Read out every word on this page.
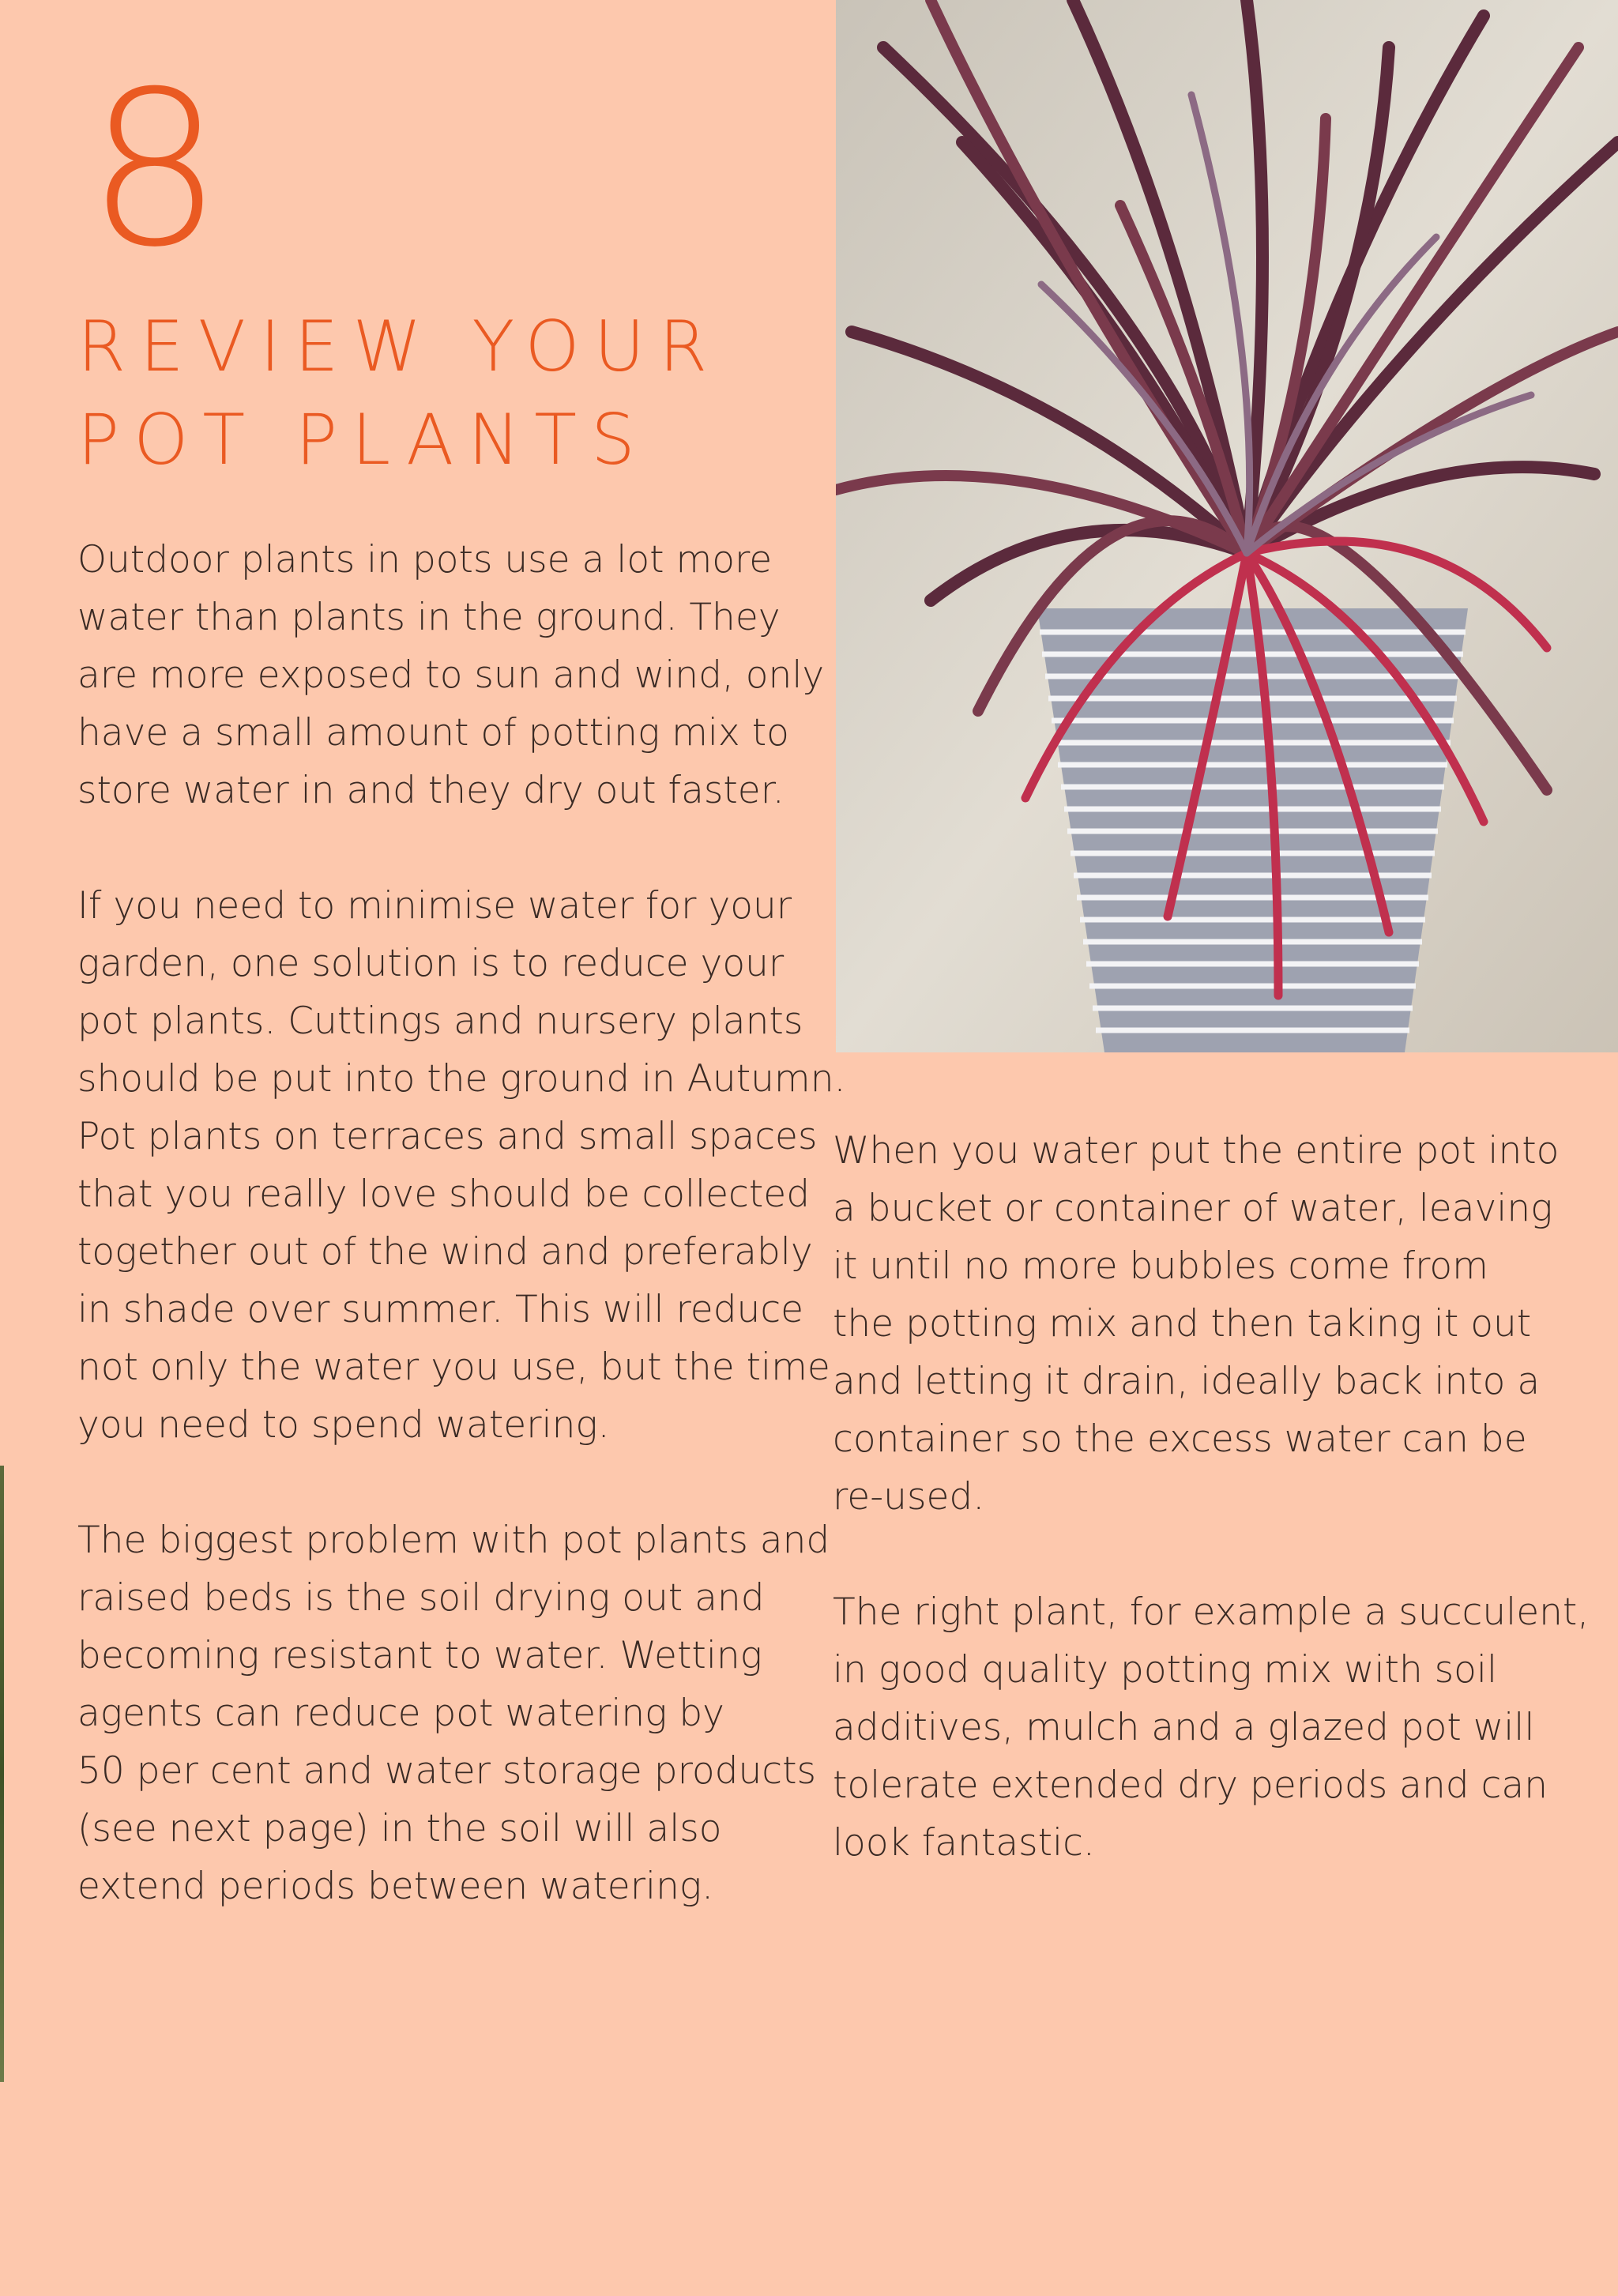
8
REVIEW YOUR
POT PLANTS

Outdoor plants in pots use a lot more
water than plants in the ground. They
are more exposed to sun and wind, only
have a small amount of potting mix to
store water in and they dry out faster.

If you need to minimise water for your
garden, one solution is to reduce your
pot plants. Cuttings and nursery plants
should be put into the ground in Autumn.
Pot plants on terraces and small spaces
that you really love should be collected
together out of the wind and preferably
in shade over summer. This will reduce
not only the water you use, but the time
you need to spend watering.

The biggest problem with pot plants and
raised beds is the soil drying out and
becoming resistant to water. Wetting
agents can reduce pot watering by
50 per cent and water storage products
(see next page) in the soil will also
extend periods between watering.

When you water put the entire pot into
a bucket or container of water, leaving
it until no more bubbles come from
the potting mix and then taking it out
and letting it drain, ideally back into a
container so the excess water can be
re-used.

The right plant, for example a succulent,
in good quality potting mix with soil
additives, mulch and a glazed pot will
tolerate extended dry periods and can
look fantastic.
